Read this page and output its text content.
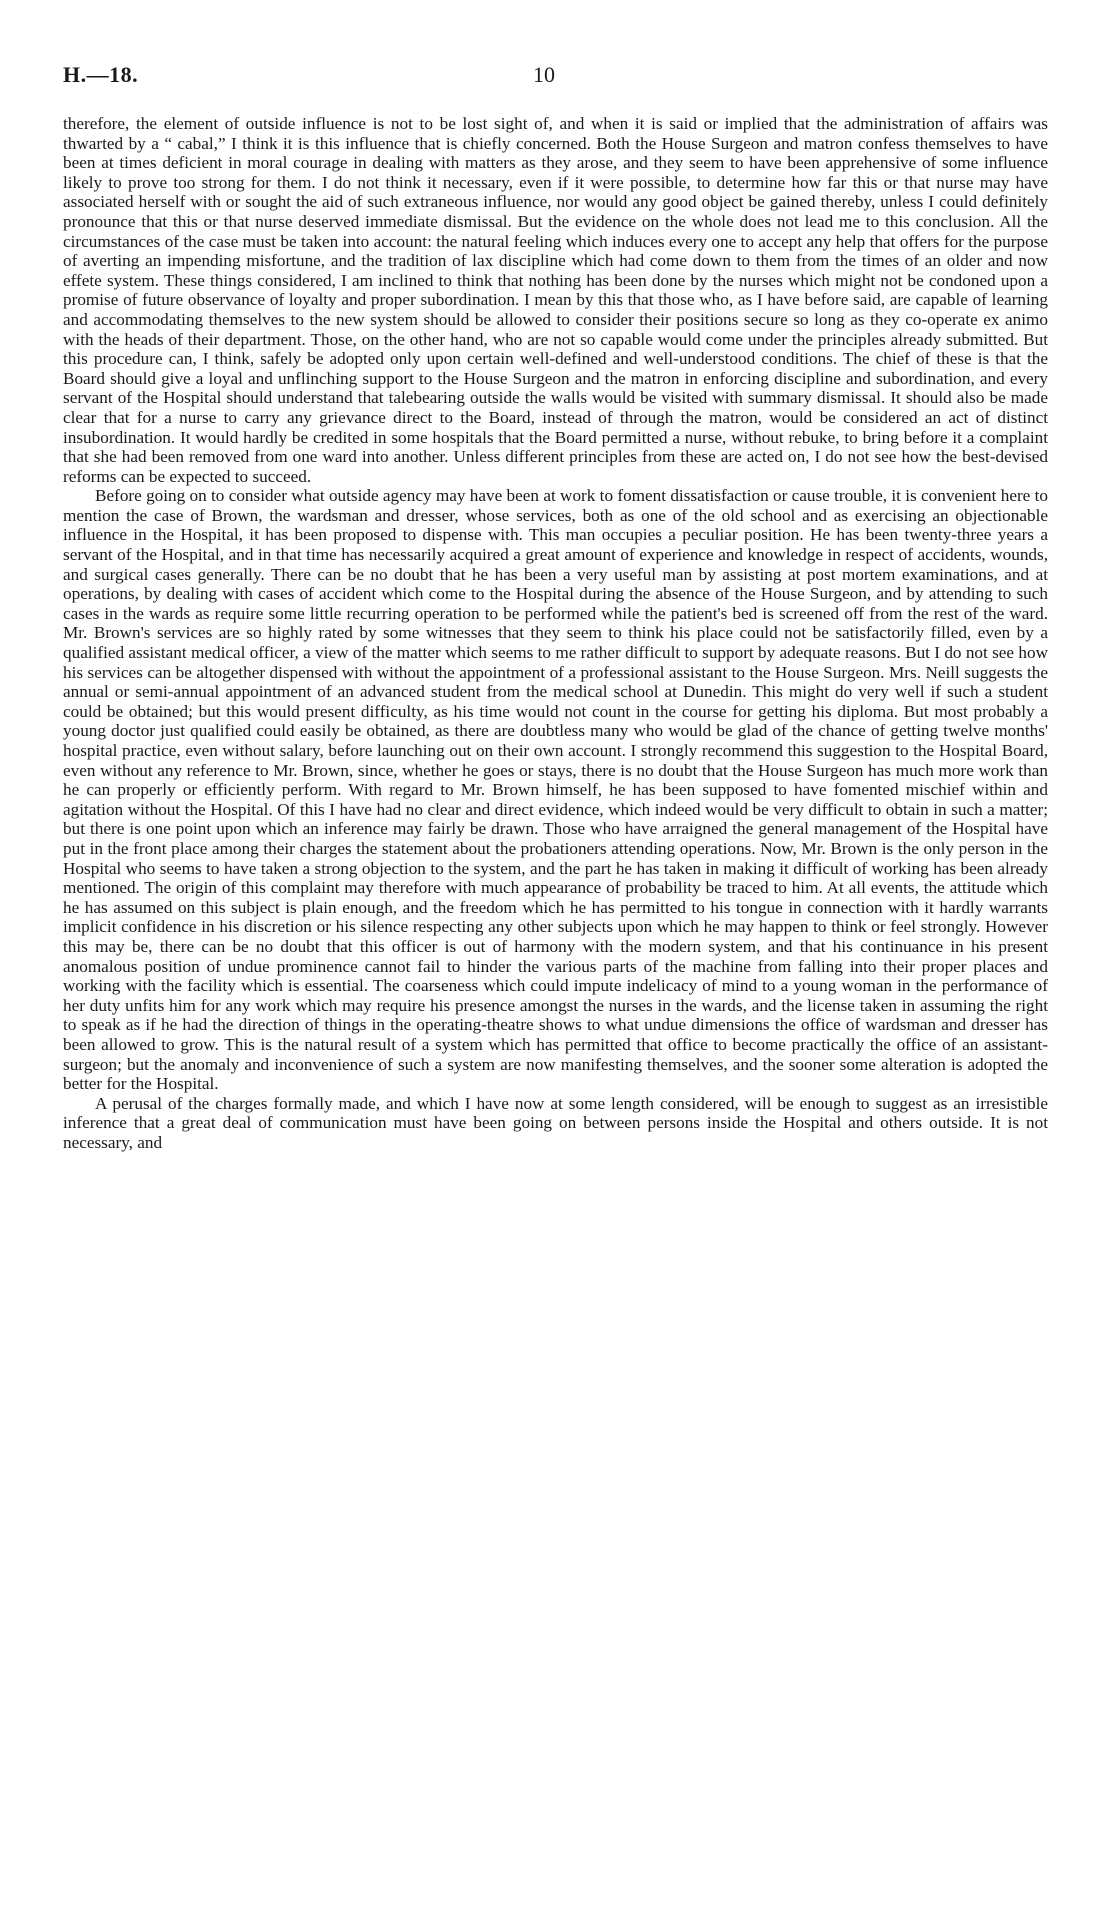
H.—18.	10

therefore, the element of outside influence is not to be lost sight of, and when it is said or implied that the administration of affairs was thwarted by a “ cabal,” I think it is this influence that is chiefly concerned. Both the House Surgeon and matron confess themselves to have been at times deficient in moral courage in dealing with matters as they arose, and they seem to have been apprehensive of some influence likely to prove too strong for them. I do not think it necessary, even if it were possible, to determine how far this or that nurse may have associated herself with or sought the aid of such extraneous influence, nor would any good object be gained thereby, unless I could definitely pronounce that this or that nurse deserved immediate dismissal. But the evidence on the whole does not lead me to this conclusion. All the circumstances of the case must be taken into account: the natural feeling which induces every one to accept any help that offers for the purpose of averting an impending misfortune, and the tradition of lax discipline which had come down to them from the times of an older and now effete system. These things considered, I am inclined to think that nothing has been done by the nurses which might not be condoned upon a promise of future observance of loyalty and proper subordination. I mean by this that those who, as I have before said, are capable of learning and accommodating themselves to the new system should be allowed to consider their positions secure so long as they co-operate ex animo with the heads of their department. Those, on the other hand, who are not so capable would come under the principles already submitted. But this procedure can, I think, safely be adopted only upon certain well-defined and well-understood conditions. The chief of these is that the Board should give a loyal and unflinching support to the House Surgeon and the matron in enforcing discipline and subordination, and every servant of the Hospital should understand that talebearing outside the walls would be visited with summary dismissal. It should also be made clear that for a nurse to carry any grievance direct to the Board, instead of through the matron, would be considered an act of distinct insubordination. It would hardly be credited in some hospitals that the Board permitted a nurse, without rebuke, to bring before it a complaint that she had been removed from one ward into another. Unless different principles from these are acted on, I do not see how the best-devised reforms can be expected to succeed.

Before going on to consider what outside agency may have been at work to foment dissatisfaction or cause trouble, it is convenient here to mention the case of Brown, the wardsman and dresser, whose services, both as one of the old school and as exercising an objectionable influence in the Hospital, it has been proposed to dispense with. This man occupies a peculiar position. He has been twenty-three years a servant of the Hospital, and in that time has necessarily acquired a great amount of experience and knowledge in respect of accidents, wounds, and surgical cases generally. There can be no doubt that he has been a very useful man by assisting at post mortem examinations, and at operations, by dealing with cases of accident which come to the Hospital during the absence of the House Surgeon, and by attending to such cases in the wards as require some little recurring operation to be performed while the patient's bed is screened off from the rest of the ward. Mr. Brown's services are so highly rated by some witnesses that they seem to think his place could not be satisfactorily filled, even by a qualified assistant medical officer, a view of the matter which seems to me rather difficult to support by adequate reasons. But I do not see how his services can be altogether dispensed with without the appointment of a professional assistant to the House Surgeon. Mrs. Neill suggests the annual or semi-annual appointment of an advanced student from the medical school at Dunedin. This might do very well if such a student could be obtained; but this would present difficulty, as his time would not count in the course for getting his diploma. But most probably a young doctor just qualified could easily be obtained, as there are doubtless many who would be glad of the chance of getting twelve months' hospital practice, even without salary, before launching out on their own account. I strongly recommend this suggestion to the Hospital Board, even without any reference to Mr. Brown, since, whether he goes or stays, there is no doubt that the House Surgeon has much more work than he can properly or efficiently perform. With regard to Mr. Brown himself, he has been supposed to have fomented mischief within and agitation without the Hospital. Of this I have had no clear and direct evidence, which indeed would be very difficult to obtain in such a matter; but there is one point upon which an inference may fairly be drawn. Those who have arraigned the general management of the Hospital have put in the front place among their charges the statement about the probationers attending operations. Now, Mr. Brown is the only person in the Hospital who seems to have taken a strong objection to the system, and the part he has taken in making it difficult of working has been already mentioned. The origin of this complaint may therefore with much appearance of probability be traced to him. At all events, the attitude which he has assumed on this subject is plain enough, and the freedom which he has permitted to his tongue in connection with it hardly warrants implicit confidence in his discretion or his silence respecting any other subjects upon which he may happen to think or feel strongly. However this may be, there can be no doubt that this officer is out of harmony with the modern system, and that his continuance in his present anomalous position of undue prominence cannot fail to hinder the various parts of the machine from falling into their proper places and working with the facility which is essential. The coarseness which could impute indelicacy of mind to a young woman in the performance of her duty unfits him for any work which may require his presence amongst the nurses in the wards, and the license taken in assuming the right to speak as if he had the direction of things in the operating-theatre shows to what undue dimensions the office of wardsman and dresser has been allowed to grow. This is the natural result of a system which has permitted that office to become practically the office of an assistant-surgeon; but the anomaly and inconvenience of such a system are now manifesting themselves, and the sooner some alteration is adopted the better for the Hospital.

A perusal of the charges formally made, and which I have now at some length considered, will be enough to suggest as an irresistible inference that a great deal of communication must have been going on between persons inside the Hospital and others outside. It is not necessary, and
